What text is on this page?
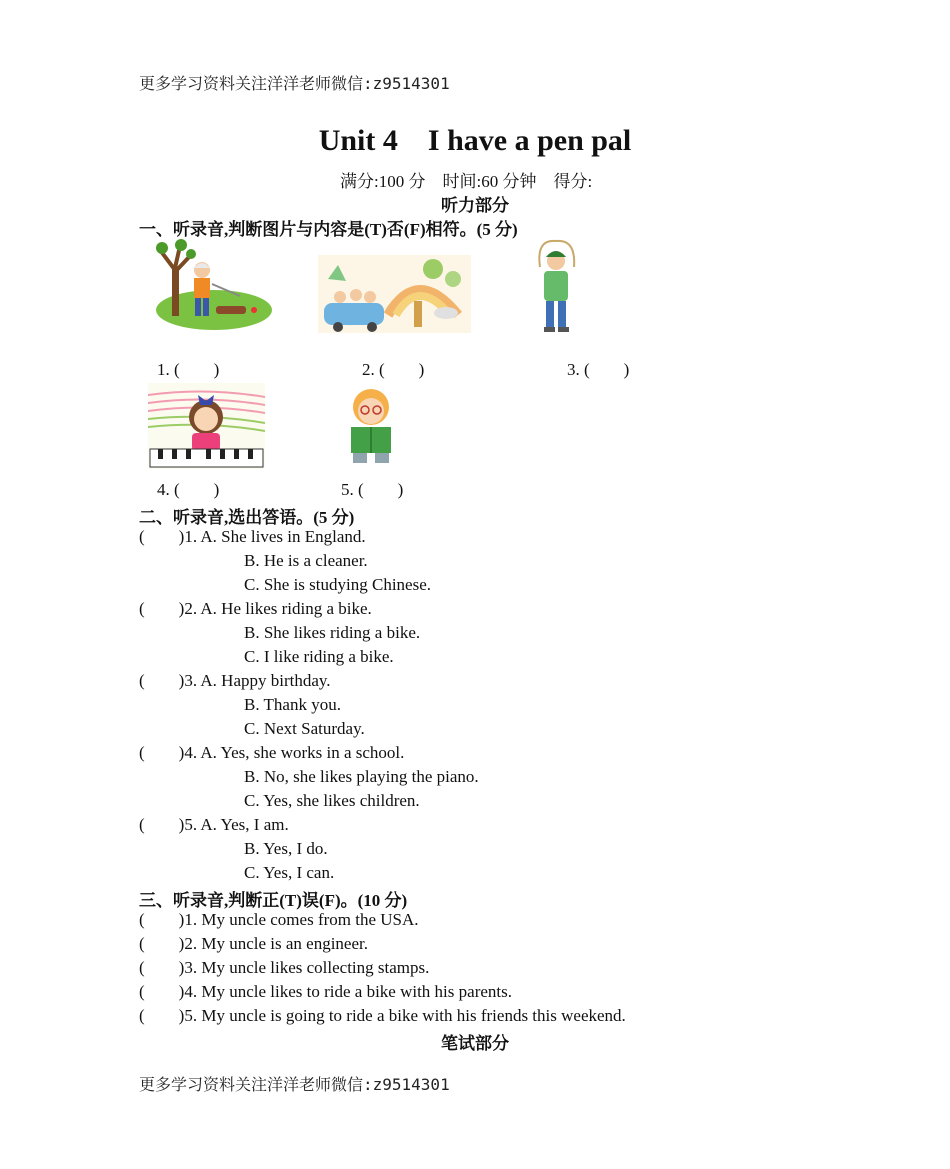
更多学习资料关注洋洋老师微信:z9514301
Unit 4 I have a pen pal
满分:100 分　时间:60 分钟　得分:
听力部分
一、听录音,判断图片与内容是(T)否(F)相符。(5 分)
1. ( )	2. ( )	3. ( )
4. ( )	5. ( )
二、听录音,选出答语。(5 分)
( )1. A. She lives in England.
B. He is a cleaner.
C. She is studying Chinese.
( )2. A. He likes riding a bike.
B. She likes riding a bike.
C. I like riding a bike.
( )3. A. Happy birthday.
B. Thank you.
C. Next Saturday.
( )4. A. Yes, she works in a school.
B. No, she likes playing the piano.
C. Yes, she likes children.
( )5. A. Yes, I am.
B. Yes, I do.
C. Yes, I can.
三、听录音,判断正(T)误(F)。(10 分)
( )1. My uncle comes from the USA.
( )2. My uncle is an engineer.
( )3. My uncle likes collecting stamps.
( )4. My uncle likes to ride a bike with his parents.
( )5. My uncle is going to ride a bike with his friends this weekend.
笔试部分
更多学习资料关注洋洋老师微信:z9514301
